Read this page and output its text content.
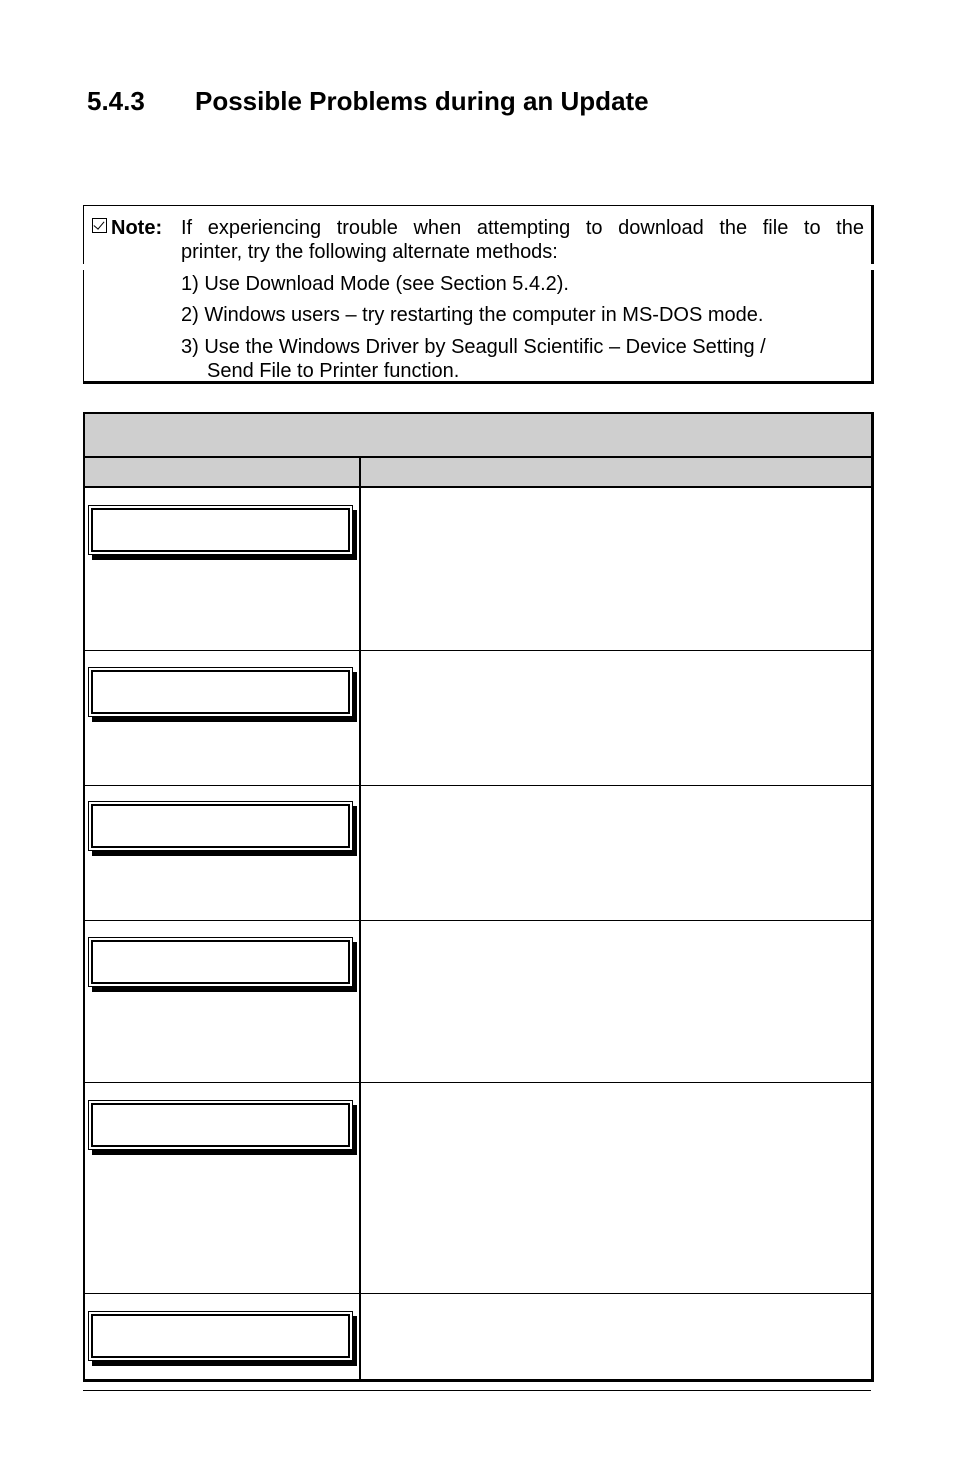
5.4.3 Possible Problems during an Update
Note: If experiencing trouble when attempting to download the file to the
printer, try the following alternate methods:
1) Use Download Mode (see Section 5.4.2).
2) Windows users – try restarting the computer in MS-DOS mode.
3) Use the Windows Driver by Seagull Scientific – Device Setting /
Send File to Printer function.
